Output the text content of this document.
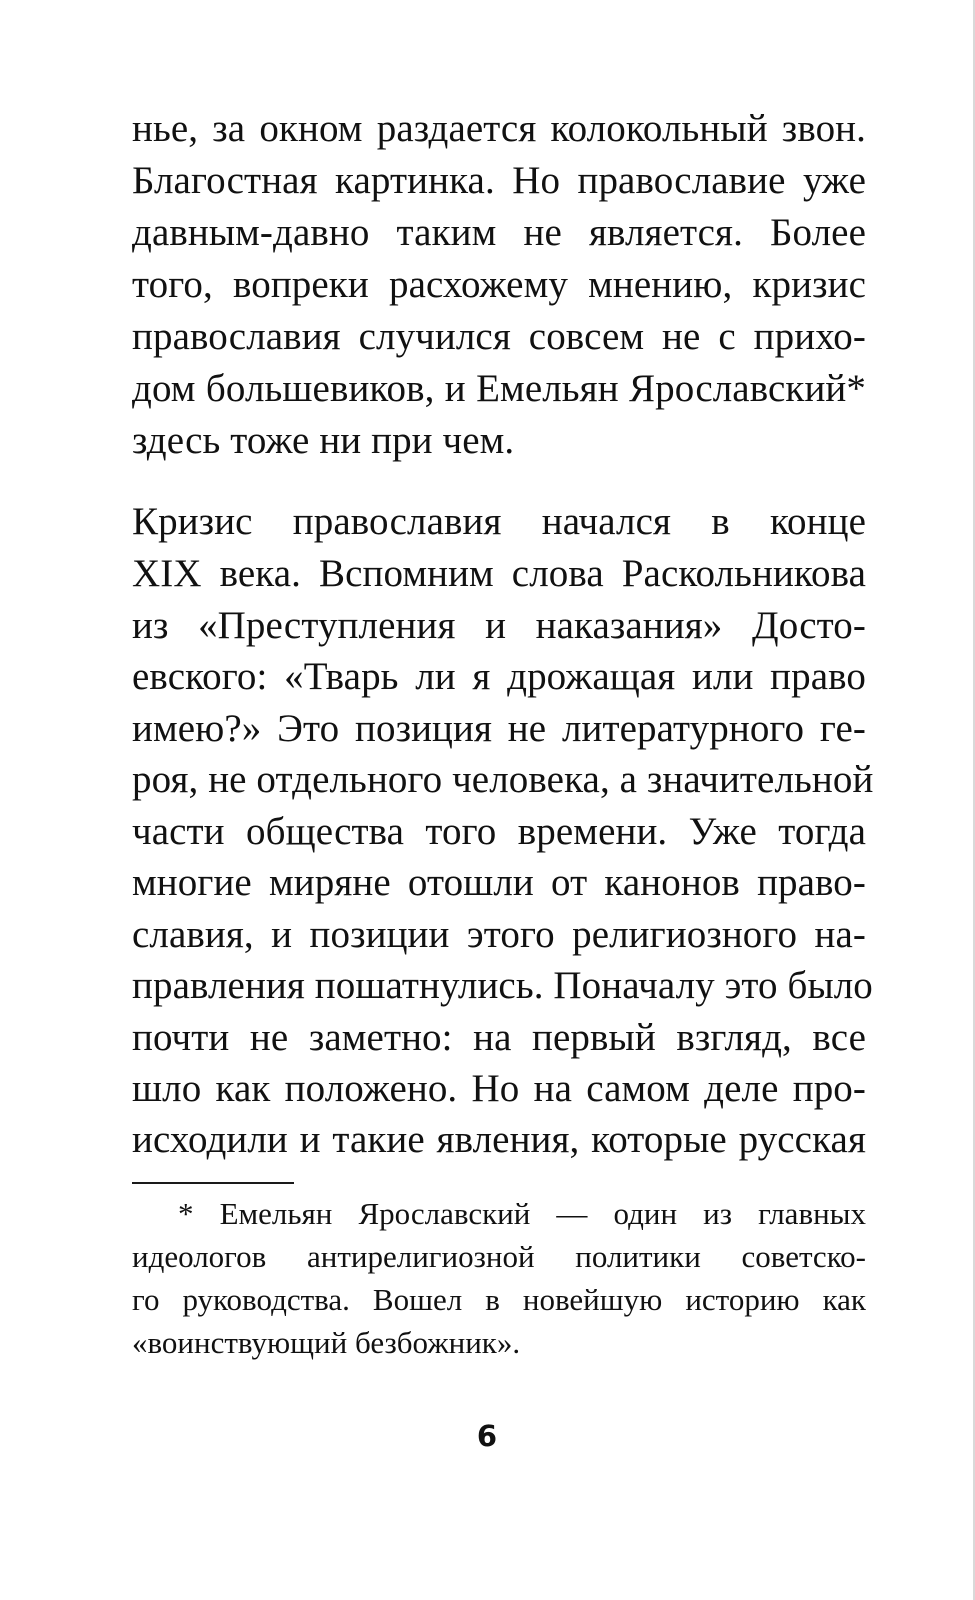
нье, за окном раздается колокольный звон.
Благостная картинка. Но православие уже
давным-давно таким не является. Более
того, вопреки расхожему мнению, кризис
православия случился совсем не с прихо-
дом большевиков, и Емельян Ярославский*
здесь тоже ни при чем.
Кризис православия начался в конце
XIX века. Вспомним слова Раскольникова
из «Преступления и наказания» Досто-
евского: «Тварь ли я дрожащая или право
имею?» Это позиция не литературного ге-
роя, не отдельного человека, а значительной
части общества того времени. Уже тогда
многие миряне отошли от канонов право-
славия, и позиции этого религиозного на-
правления пошатнулись. Поначалу это было
почти не заметно: на первый взгляд, все
шло как положено. Но на самом деле про-
исходили и такие явления, которые русская
* Емельян Ярославский — один из главных
идеологов антирелигиозной политики советско-
го руководства. Вошел в новейшую историю как
«воинствующий безбожник».
6
